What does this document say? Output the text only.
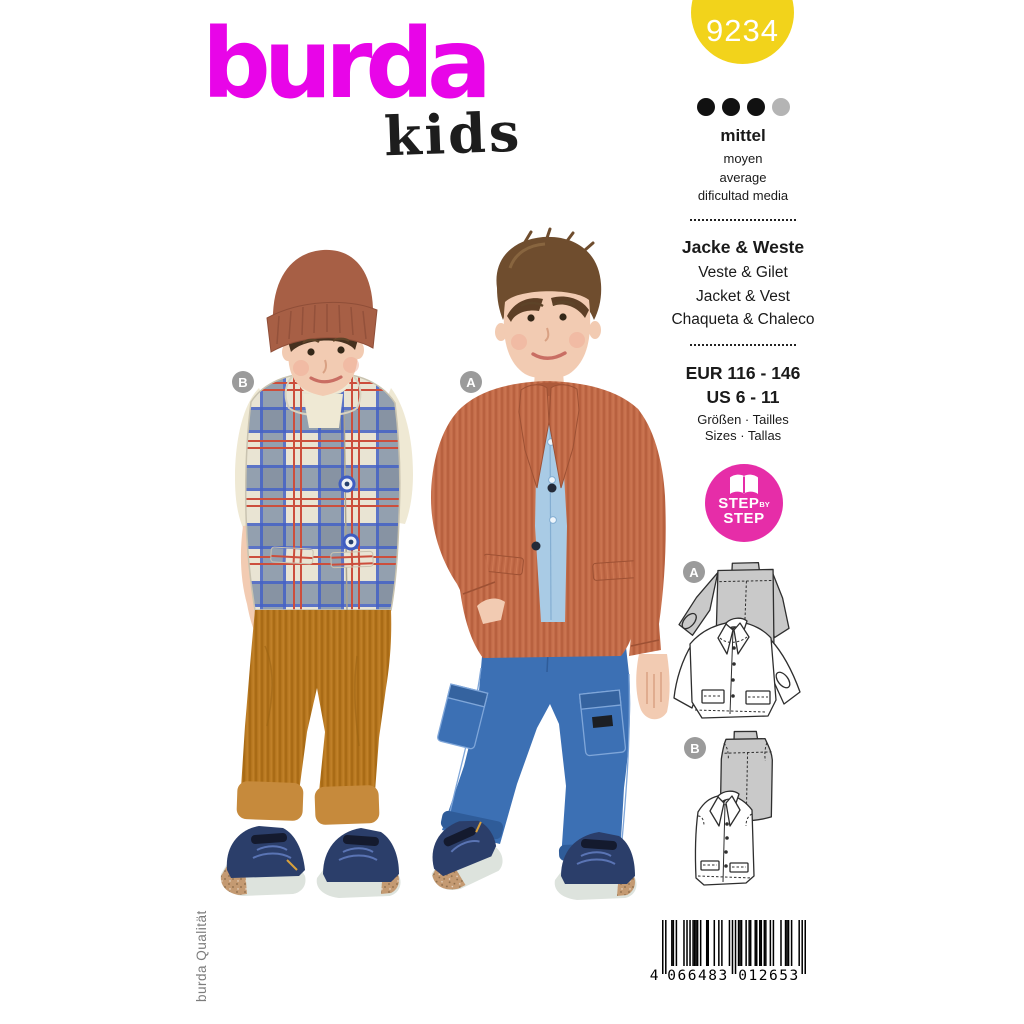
burda
kids
burda Qualität
9234
mittel
moyen
average
dificultad media
Jacke & Weste
Veste & Gilet
Jacket & Vest
Chaqueta & Chaleco
EUR 116 - 146
US 6 - 11
Größen · Tailles
Sizes · Tallas
STEPBY
STEP
A
B
4 066483 012653
B	A
